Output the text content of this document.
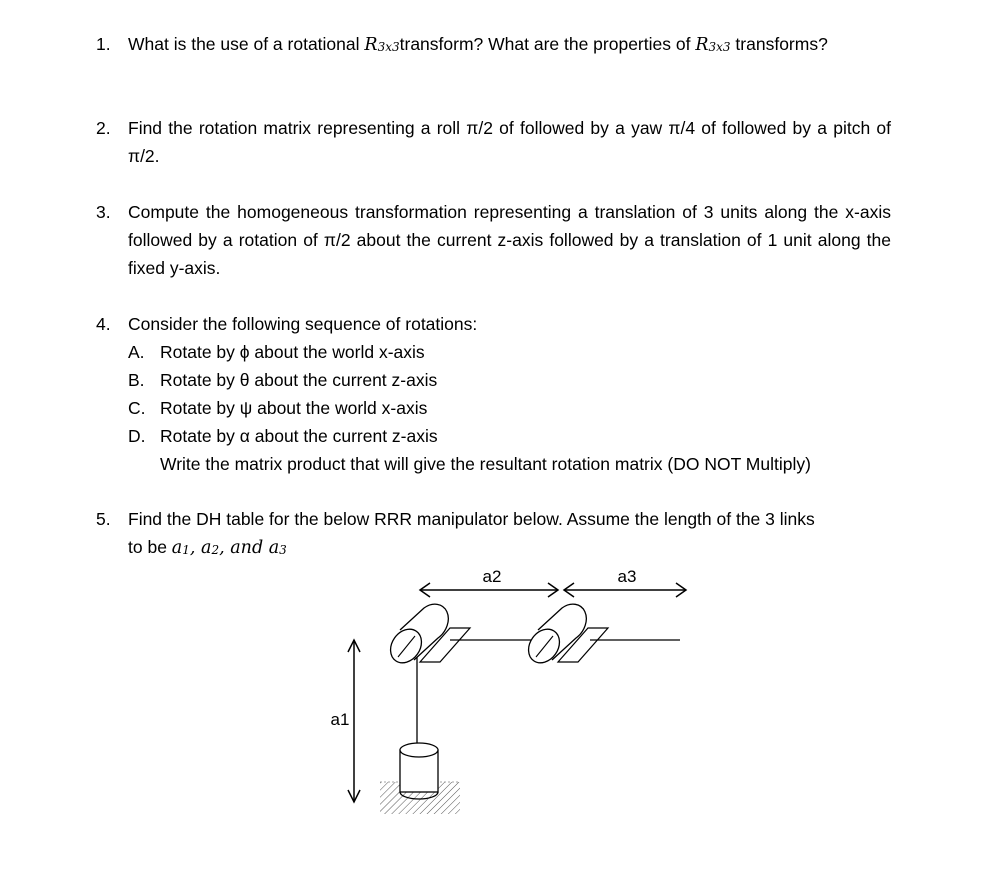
1. What is the use of a rotational $R_{3x3}transform$? What are the properties of $R_{3x3}$ transforms?
2. Find the rotation matrix representing a roll π/2 of followed by a yaw π/4 of followed by a pitch of π/2.
3. Compute the homogeneous transformation representing a translation of 3 units along the x-axis followed by a rotation of π/2 about the current z-axis followed by a translation of 1 unit along the fixed y-axis.
4. Consider the following sequence of rotations:
A. Rotate by ϕ about the world x-axis
B. Rotate by θ about the current z-axis
C. Rotate by ψ about the world x-axis
D. Rotate by α about the current z-axis
Write the matrix product that will give the resultant rotation matrix (DO NOT Multiply)
5. Find the DH table for the below RRR manipulator below. Assume the length of the 3 links
to be $a_1$, $a_2$, and $a_3$
a2	a3
a1
